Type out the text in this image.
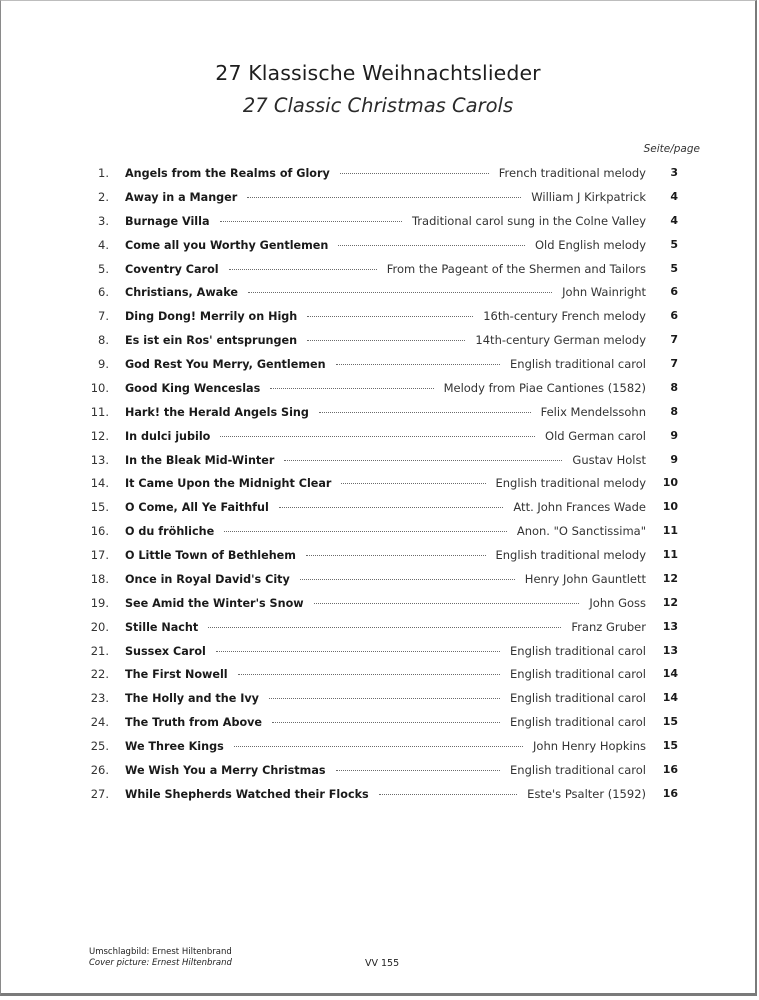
27 Klassische Weihnachtslieder
27 Classic Christmas Carols
Seite/page
1. Angels from the Realms of Glory	French traditional melody	3
2. Away in a Manger	William J Kirkpatrick	4
3. Burnage Villa	Traditional carol sung in the Colne Valley	4
4. Come all you Worthy Gentlemen	Old English melody	5
5. Coventry Carol	From the Pageant of the Shermen and Tailors	5
6. Christians, Awake	John Wainright	6
7. Ding Dong! Merrily on High	16th-century French melody	6
8. Es ist ein Ros' entsprungen	14th-century German melody	7
9. God Rest You Merry, Gentlemen	English traditional carol	7
10. Good King Wenceslas	Melody from Piae Cantiones (1582)	8
11. Hark! the Herald Angels Sing	Felix Mendelssohn	8
12. In dulci jubilo	Old German carol	9
13. In the Bleak Mid-Winter	Gustav Holst	9
14. It Came Upon the Midnight Clear	English traditional melody	10
15. O Come, All Ye Faithful	Att. John Frances Wade	10
16. O du fröhliche	Anon. "O Sanctissima"	11
17. O Little Town of Bethlehem	English traditional melody	11
18. Once in Royal David's City	Henry John Gauntlett	12
19. See Amid the Winter's Snow	John Goss	12
20. Stille Nacht	Franz Gruber	13
21. Sussex Carol	English traditional carol	13
22. The First Nowell	English traditional carol	14
23. The Holly and the Ivy	English traditional carol	14
24. The Truth from Above	English traditional carol	15
25. We Three Kings	John Henry Hopkins	15
26. We Wish You a Merry Christmas	English traditional carol	16
27. While Shepherds Watched their Flocks	Este's Psalter (1592)	16
Umschlagbild: Ernest Hiltenbrand
Cover picture: Ernest Hiltenbrand	VV 155
